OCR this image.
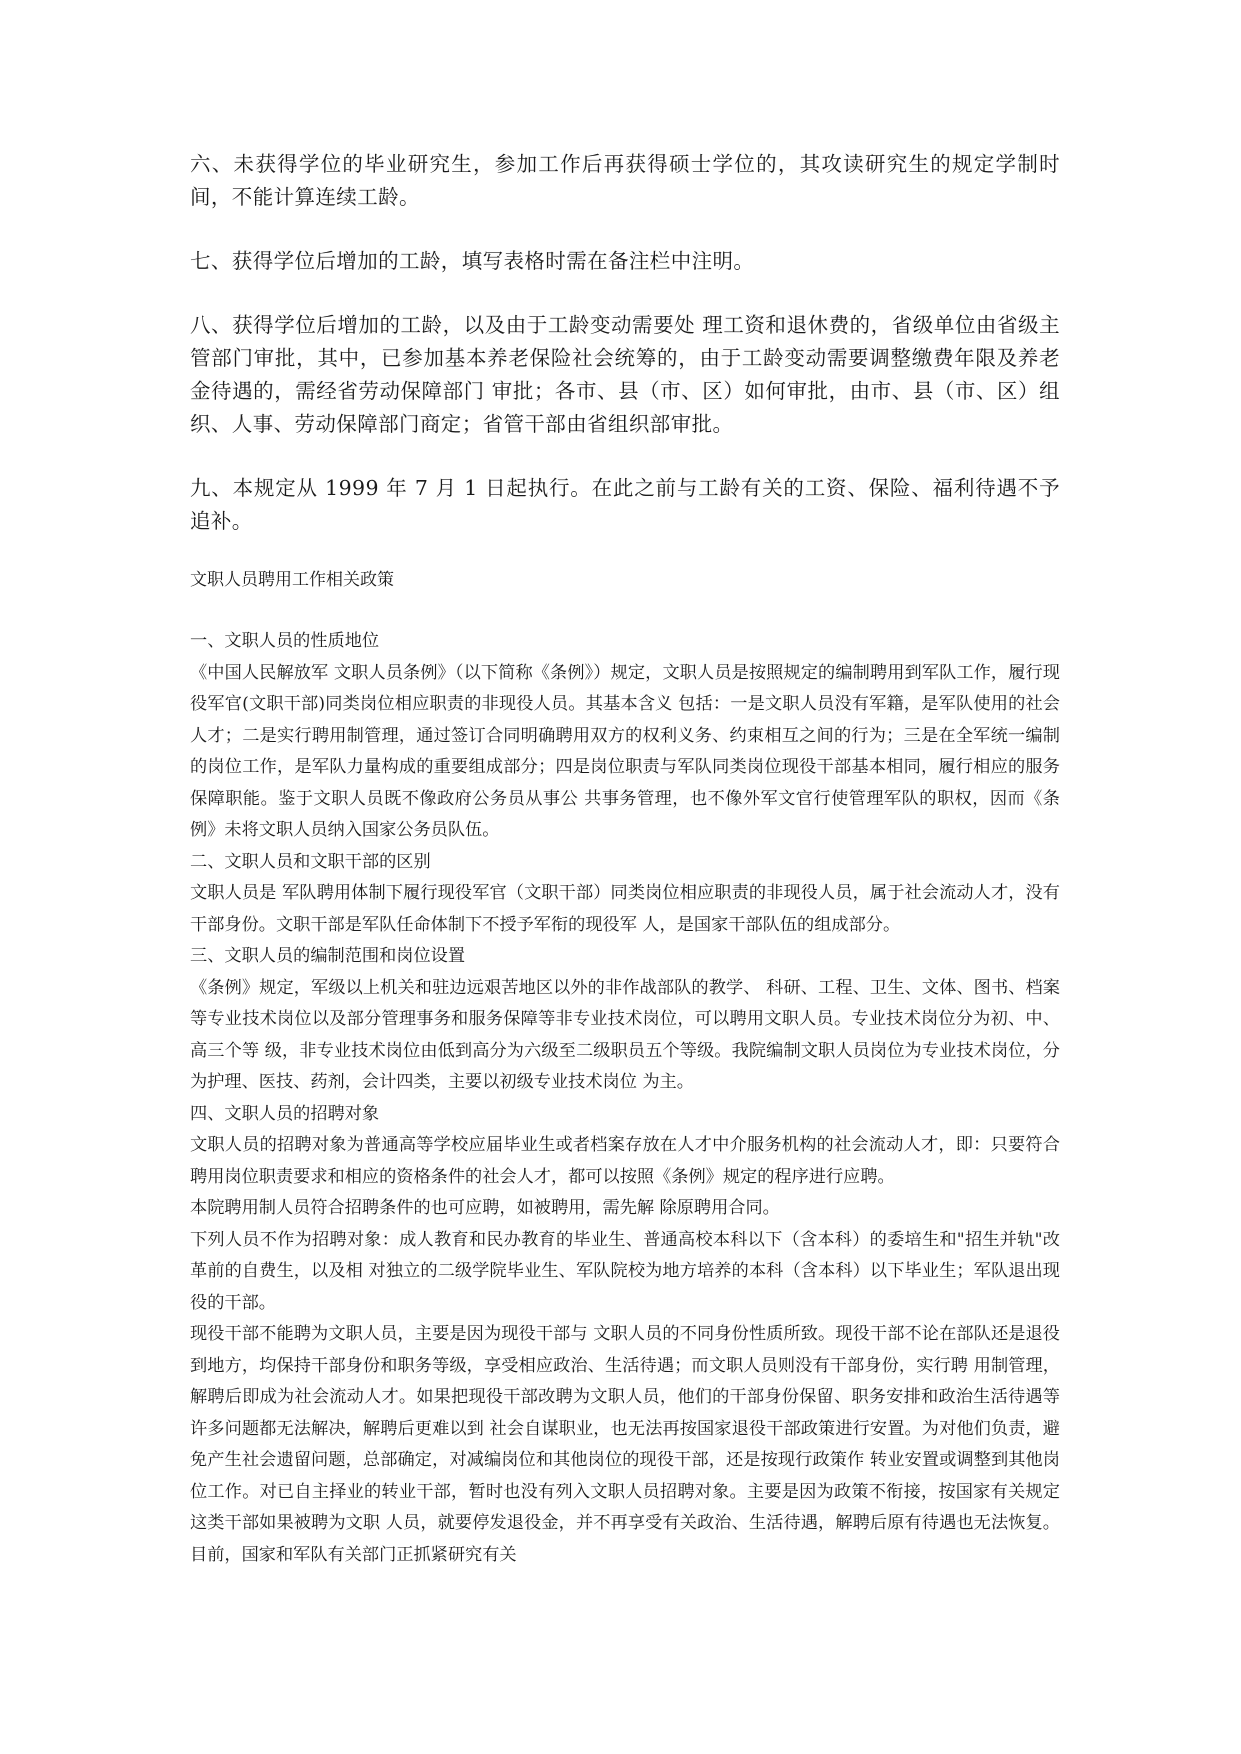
六、未获得学位的毕业研究生，参加工作后再获得硕士学位的，其攻读研究生的规定学制时间，不能计算连续工龄。

七、获得学位后增加的工龄，填写表格时需在备注栏中注明。

八、获得学位后增加的工龄，以及由于工龄变动需要处 理工资和退休费的，省级单位由省级主管部门审批，其中，已参加基本养老保险社会统筹的，由于工龄变动需要调整缴费年限及养老金待遇的，需经省劳动保障部门 审批；各市、县（市、区）如何审批，由市、县（市、区）组织、人事、劳动保障部门商定；省管干部由省组织部审批。

九、本规定从 1999 年 7 月 1 日起执行。在此之前与工龄有关的工资、保险、福利待遇不予追补。

文职人员聘用工作相关政策

一、文职人员的性质地位

《中国人民解放军 文职人员条例》（以下简称《条例》）规定，文职人员是按照规定的编制聘用到军队工作，履行现役军官(文职干部)同类岗位相应职责的非现役人员。其基本含义 包括：一是文职人员没有军籍，是军队使用的社会人才；二是实行聘用制管理，通过签订合同明确聘用双方的权利义务、约束相互之间的行为；三是在全军统一编制 的岗位工作，是军队力量构成的重要组成部分；四是岗位职责与军队同类岗位现役干部基本相同，履行相应的服务保障职能。鉴于文职人员既不像政府公务员从事公 共事务管理，也不像外军文官行使管理军队的职权，因而《条例》未将文职人员纳入国家公务员队伍。

二、文职人员和文职干部的区别

文职人员是 军队聘用体制下履行现役军官（文职干部）同类岗位相应职责的非现役人员，属于社会流动人才，没有干部身份。文职干部是军队任命体制下不授予军衔的现役军 人，是国家干部队伍的组成部分。

三、文职人员的编制范围和岗位设置

《条例》规定，军级以上机关和驻边远艰苦地区以外的非作战部队的教学、 科研、工程、卫生、文体、图书、档案等专业技术岗位以及部分管理事务和服务保障等非专业技术岗位，可以聘用文职人员。专业技术岗位分为初、中、高三个等 级，非专业技术岗位由低到高分为六级至二级职员五个等级。我院编制文职人员岗位为专业技术岗位，分为护理、医技、药剂，会计四类，主要以初级专业技术岗位 为主。

四、文职人员的招聘对象

文职人员的招聘对象为普通高等学校应届毕业生或者档案存放在人才中介服务机构的社会流动人才，即：只要符合 聘用岗位职责要求和相应的资格条件的社会人才，都可以按照《条例》规定的程序进行应聘。

本院聘用制人员符合招聘条件的也可应聘，如被聘用，需先解 除原聘用合同。

下列人员不作为招聘对象：成人教育和民办教育的毕业生、普通高校本科以下（含本科）的委培生和"招生并轨"改革前的自费生，以及相 对独立的二级学院毕业生、军队院校为地方培养的本科（含本科）以下毕业生；军队退出现役的干部。

现役干部不能聘为文职人员，主要是因为现役干部与 文职人员的不同身份性质所致。现役干部不论在部队还是退役到地方，均保持干部身份和职务等级，享受相应政治、生活待遇；而文职人员则没有干部身份，实行聘 用制管理，解聘后即成为社会流动人才。如果把现役干部改聘为文职人员，他们的干部身份保留、职务安排和政治生活待遇等许多问题都无法解决，解聘后更难以到 社会自谋职业，也无法再按国家退役干部政策进行安置。为对他们负责，避免产生社会遗留问题，总部确定，对减编岗位和其他岗位的现役干部，还是按现行政策作 转业安置或调整到其他岗位工作。对已自主择业的转业干部，暂时也没有列入文职人员招聘对象。主要是因为政策不衔接，按国家有关规定这类干部如果被聘为文职 人员，就要停发退役金，并不再享受有关政治、生活待遇，解聘后原有待遇也无法恢复。目前，国家和军队有关部门正抓紧研究有关
